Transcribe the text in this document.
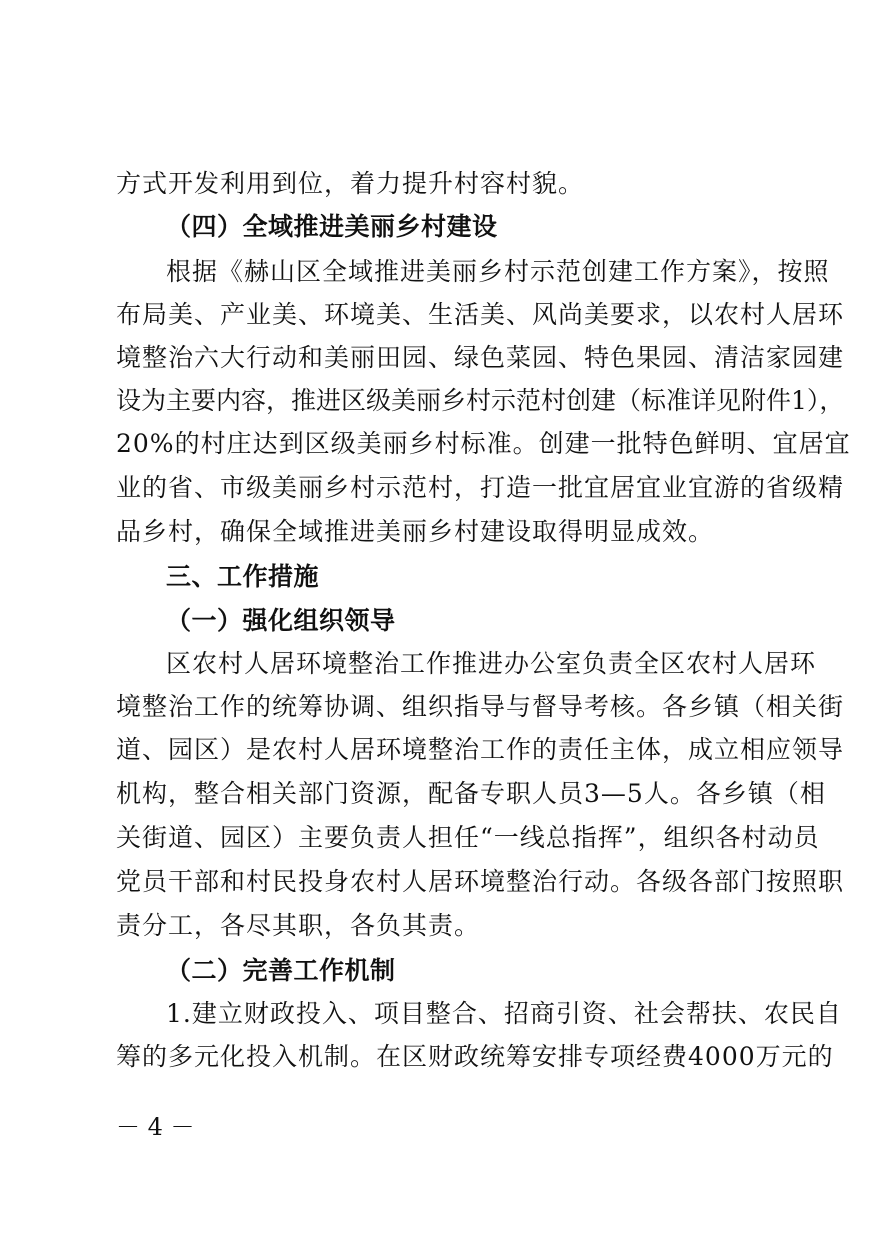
方式开发利用到位，着力提升村容村貌。
（四）全域推进美丽乡村建设
根据《赫山区全域推进美丽乡村示范创建工作方案》，按照
布局美、产业美、环境美、生活美、风尚美要求，以农村人居环
境整治六大行动和美丽田园、绿色菜园、特色果园、清洁家园建
设为主要内容，推进区级美丽乡村示范村创建（标准详见附件1），
20%的村庄达到区级美丽乡村标准。创建一批特色鲜明、宜居宜
业的省、市级美丽乡村示范村，打造一批宜居宜业宜游的省级精
品乡村，确保全域推进美丽乡村建设取得明显成效。
三、工作措施
（一）强化组织领导
区农村人居环境整治工作推进办公室负责全区农村人居环
境整治工作的统筹协调、组织指导与督导考核。各乡镇（相关街
道、园区）是农村人居环境整治工作的责任主体，成立相应领导
机构，整合相关部门资源，配备专职人员3—5人。各乡镇（相
关街道、园区）主要负责人担任“一线总指挥”，组织各村动员
党员干部和村民投身农村人居环境整治行动。各级各部门按照职
责分工，各尽其职，各负其责。
（二）完善工作机制
1.建立财政投入、项目整合、招商引资、社会帮扶、农民自
筹的多元化投入机制。在区财政统筹安排专项经费4000万元的
－ 4 －
